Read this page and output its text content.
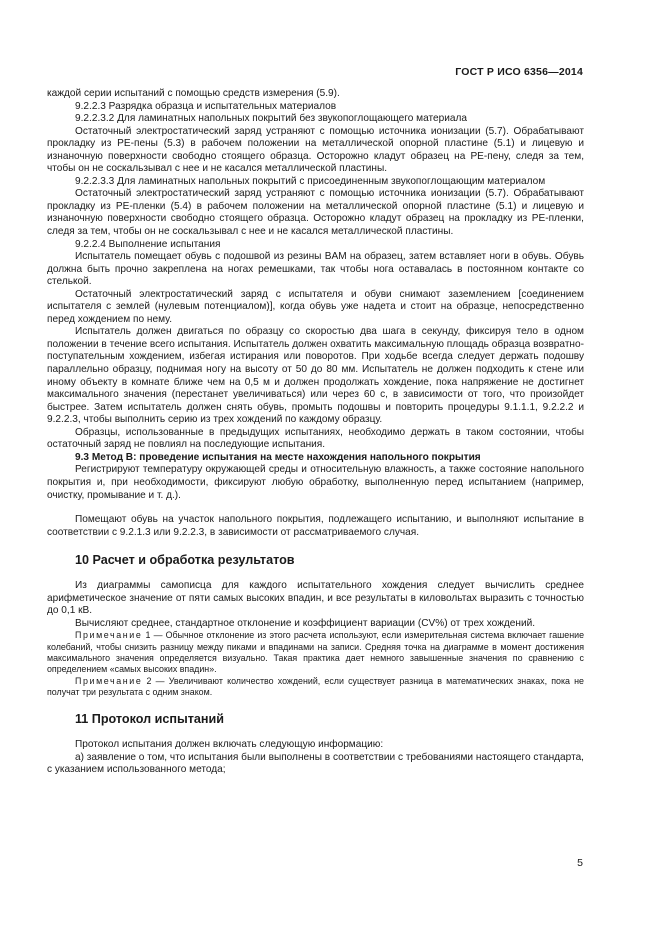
ГОСТ Р ИСО 6356—2014
каждой серии испытаний с помощью средств измерения (5.9).
9.2.2.3 Разрядка образца и испытательных материалов
9.2.2.3.2 Для ламинатных напольных покрытий без звукопоглощающего материала
Остаточный электростатический заряд устраняют с помощью источника ионизации (5.7). Обрабатывают прокладку из PE-пены (5.3) в рабочем положении на металлической опорной пластине (5.1) и лицевую и изнаночную поверхности свободно стоящего образца. Осторожно кладут образец на PE-пену, следя за тем, чтобы он не соскальзывал с нее и не касался металлической пластины.
9.2.2.3.3 Для ламинатных напольных покрытий с присоединенным звукопоглощающим материалом
Остаточный электростатический заряд устраняют с помощью источника ионизации (5.7). Обрабатывают прокладку из PE-пленки (5.4) в рабочем положении на металлической опорной пластине (5.1) и лицевую и изнаночную поверхности свободно стоящего образца. Осторожно кладут образец на прокладку из PE-пленки, следя за тем, чтобы он не соскальзывал с нее и не касался металлической пластины.
9.2.2.4 Выполнение испытания
Испытатель помещает обувь с подошвой из резины BAM на образец, затем вставляет ноги в обувь. Обувь должна быть прочно закреплена на ногах ремешками, так чтобы нога оставалась в постоянном контакте со стелькой.
Остаточный электростатический заряд с испытателя и обуви снимают заземлением [соединением испытателя с землей (нулевым потенциалом)], когда обувь уже надета и стоит на образце, непосредственно перед хождением по нему.
Испытатель должен двигаться по образцу со скоростью два шага в секунду, фиксируя тело в одном положении в течение всего испытания. Испытатель должен охватить максимальную площадь образца возвратно-поступательным хождением, избегая истирания или поворотов. При ходьбе всегда следует держать подошву параллельно образцу, поднимая ногу на высоту от 50 до 80 мм. Испытатель не должен подходить к стене или иному объекту в комнате ближе чем на 0,5 м и должен продолжать хождение, пока напряжение не достигнет максимального значения (перестанет увеличиваться) или через 60 с, в зависимости от того, что произойдет быстрее. Затем испытатель должен снять обувь, промыть подошвы и повторить процедуры 9.1.1.1, 9.2.2.2 и 9.2.2.3, чтобы выполнить серию из трех хождений по каждому образцу.
Образцы, использованные в предыдущих испытаниях, необходимо держать в таком состоянии, чтобы остаточный заряд не повлиял на последующие испытания.
9.3 Метод В: проведение испытания на месте нахождения напольного покрытия
Регистрируют температуру окружающей среды и относительную влажность, а также состояние напольного покрытия и, при необходимости, фиксируют любую обработку, выполненную перед испытанием (например, очистку, промывание и т. д.).
Помещают обувь на участок напольного покрытия, подлежащего испытанию, и выполняют испытание в соответствии с 9.2.1.3 или 9.2.2.3, в зависимости от рассматриваемого случая.
10 Расчет и обработка результатов
Из диаграммы самописца для каждого испытательного хождения следует вычислить среднее арифметическое значение от пяти самых высоких впадин, и все результаты в киловольтах выразить с точностью до 0,1 кВ.
Вычисляют среднее, стандартное отклонение и коэффициент вариации (CV%) от трех хождений.
Примечание 1 — Обычное отклонение из этого расчета используют, если измерительная система включает гашение колебаний, чтобы снизить разницу между пиками и впадинами на записи. Средняя точка на диаграмме в момент достижения максимального значения определяется визуально. Такая практика дает немного завышенные значения по сравнению с определением «самых высоких впадин».
Примечание 2 — Увеличивают количество хождений, если существует разница в математических знаках, пока не получат три результата с одним знаком.
11 Протокол испытаний
Протокол испытания должен включать следующую информацию:
а) заявление о том, что испытания были выполнены в соответствии с требованиями настоящего стандарта, с указанием использованного метода;
5
